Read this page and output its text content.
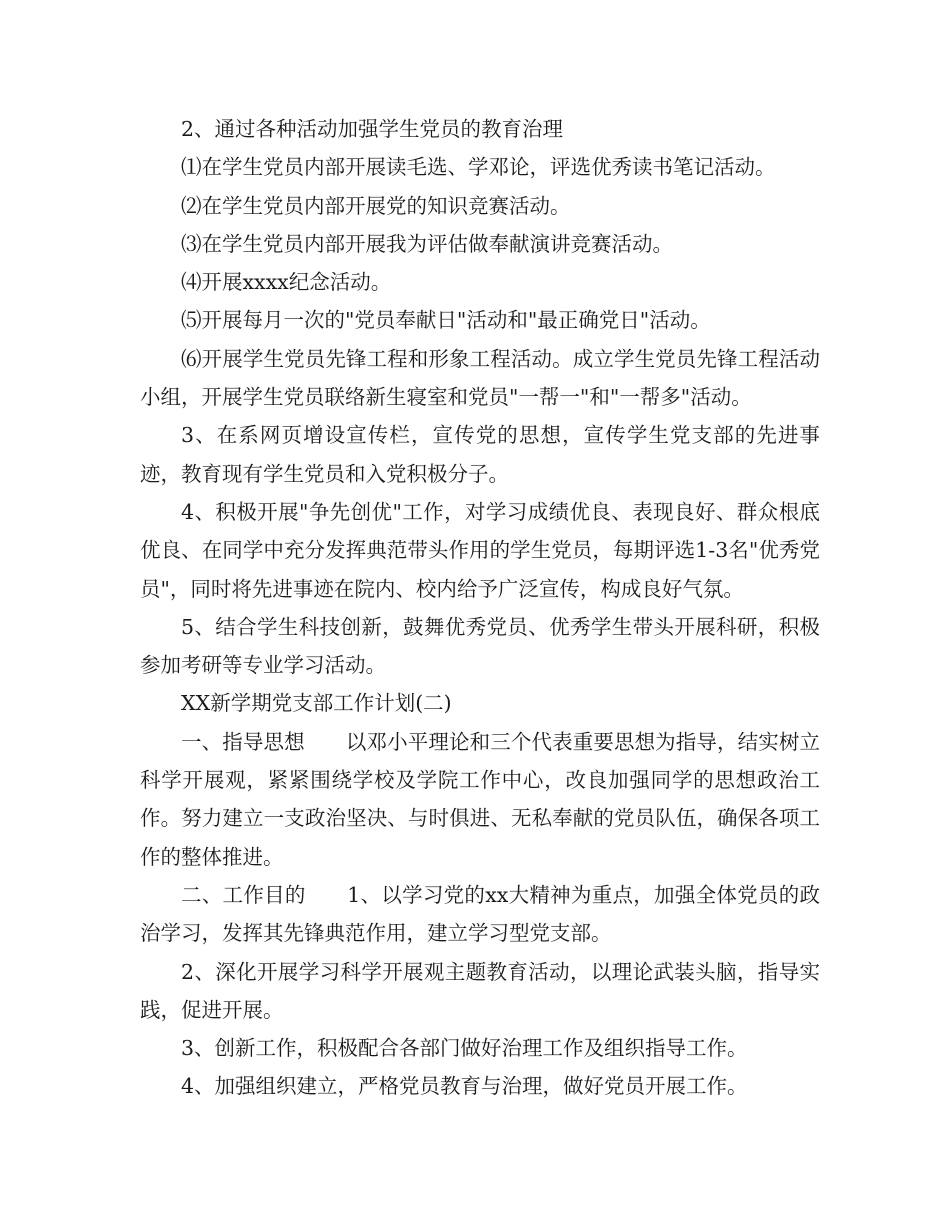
2、通过各种活动加强学生党员的教育治理

⑴在学生党员内部开展读毛选、学邓论，评选优秀读书笔记活动。

⑵在学生党员内部开展党的知识竞赛活动。

⑶在学生党员内部开展我为评估做奉献演讲竞赛活动。

⑷开展xxxx纪念活动。

⑸开展每月一次的"党员奉献日"活动和"最正确党日"活动。

⑹开展学生党员先锋工程和形象工程活动。成立学生党员先锋工程活动小组，开展学生党员联络新生寝室和党员"一帮一"和"一帮多"活动。

3、在系网页增设宣传栏，宣传党的思想，宣传学生党支部的先进事迹，教育现有学生党员和入党积极分子。

4、积极开展"争先创优"工作，对学习成绩优良、表现良好、群众根底优良、在同学中充分发挥典范带头作用的学生党员，每期评选1-3名"优秀党员"，同时将先进事迹在院内、校内给予广泛宣传，构成良好气氛。

5、结合学生科技创新，鼓舞优秀党员、优秀学生带头开展科研，积极参加考研等专业学习活动。

XX新学期党支部工作计划(二)

一、指导思想　　以邓小平理论和三个代表重要思想为指导，结实树立科学开展观，紧紧围绕学校及学院工作中心，改良加强同学的思想政治工作。努力建立一支政治坚决、与时俱进、无私奉献的党员队伍，确保各项工作的整体推进。

二、工作目的　　1、以学习党的xx大精神为重点，加强全体党员的政治学习，发挥其先锋典范作用，建立学习型党支部。

2、深化开展学习科学开展观主题教育活动，以理论武装头脑，指导实践，促进开展。

3、创新工作，积极配合各部门做好治理工作及组织指导工作。

4、加强组织建立，严格党员教育与治理，做好党员开展工作。
